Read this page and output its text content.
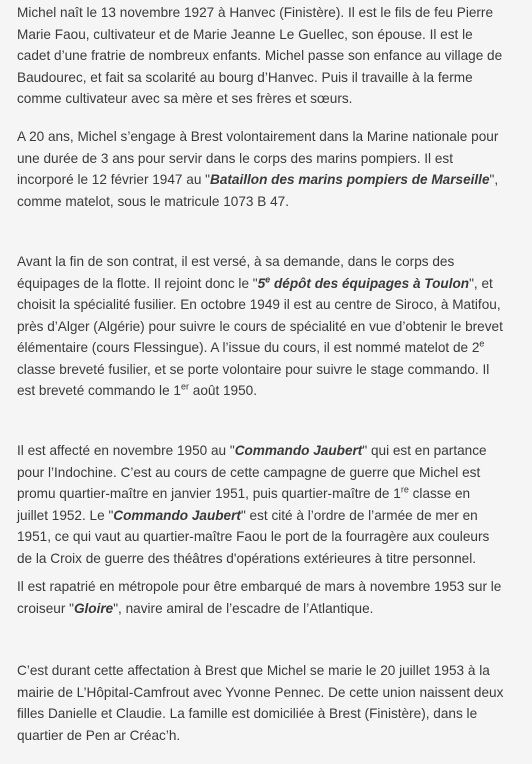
Michel naît le 13 novembre 1927 à Hanvec (Finistère). Il est le fils de feu Pierre
Marie Faou, cultivateur et de Marie Jeanne Le Guellec, son épouse. Il est le
cadet d’une fratrie de nombreux enfants. Michel passe son enfance au village de
Baudourec, et fait sa scolarité au bourg d’Hanvec. Puis il travaille à la ferme
comme cultivateur avec sa mère et ses frères et sœurs.
A 20 ans, Michel s’engage à Brest volontairement dans la Marine nationale pour
une durée de 3 ans pour servir dans le corps des marins pompiers. Il est
incorporé le 12 février 1947 au "Bataillon des marins pompiers de Marseille",
comme matelot, sous le matricule 1073 B 47.
Avant la fin de son contrat, il est versé, à sa demande, dans le corps des
équipages de la flotte. Il rejoint donc le "5e dépôt des équipages à Toulon", et
choisit la spécialité fusilier. En octobre 1949 il est au centre de Siroco, à Matifou,
près d’Alger (Algérie) pour suivre le cours de spécialité en vue d’obtenir le brevet
élémentaire (cours Flessingue). A l’issue du cours, il est nommé matelot de 2e
classe breveté fusilier, et se porte volontaire pour suivre le stage commando. Il
est breveté commando le 1er août 1950.
Il est affecté en novembre 1950 au "Commando Jaubert" qui est en partance
pour l’Indochine. C’est au cours de cette campagne de guerre que Michel est
promu quartier-maître en janvier 1951, puis quartier-maître de 1re classe en
juillet 1952. Le "Commando Jaubert" est cité à l’ordre de l’armée de mer en
1951, ce qui vaut au quartier-maître Faou le port de la fourragère aux couleurs
de la Croix de guerre des théâtres d'opérations extérieures à titre personnel.
Il est rapatrié en métropole pour être embarqué de mars à novembre 1953 sur le
croiseur "Gloire", navire amiral de l’escadre de l’Atlantique.
C’est durant cette affectation à Brest que Michel se marie le 20 juillet 1953 à la
mairie de L’Hôpital-Camfrout avec Yvonne Pennec. De cette union naissent deux
filles Danielle et Claudie. La famille est domiciliée à Brest (Finistère), dans le
quartier de Pen ar Créac’h.
